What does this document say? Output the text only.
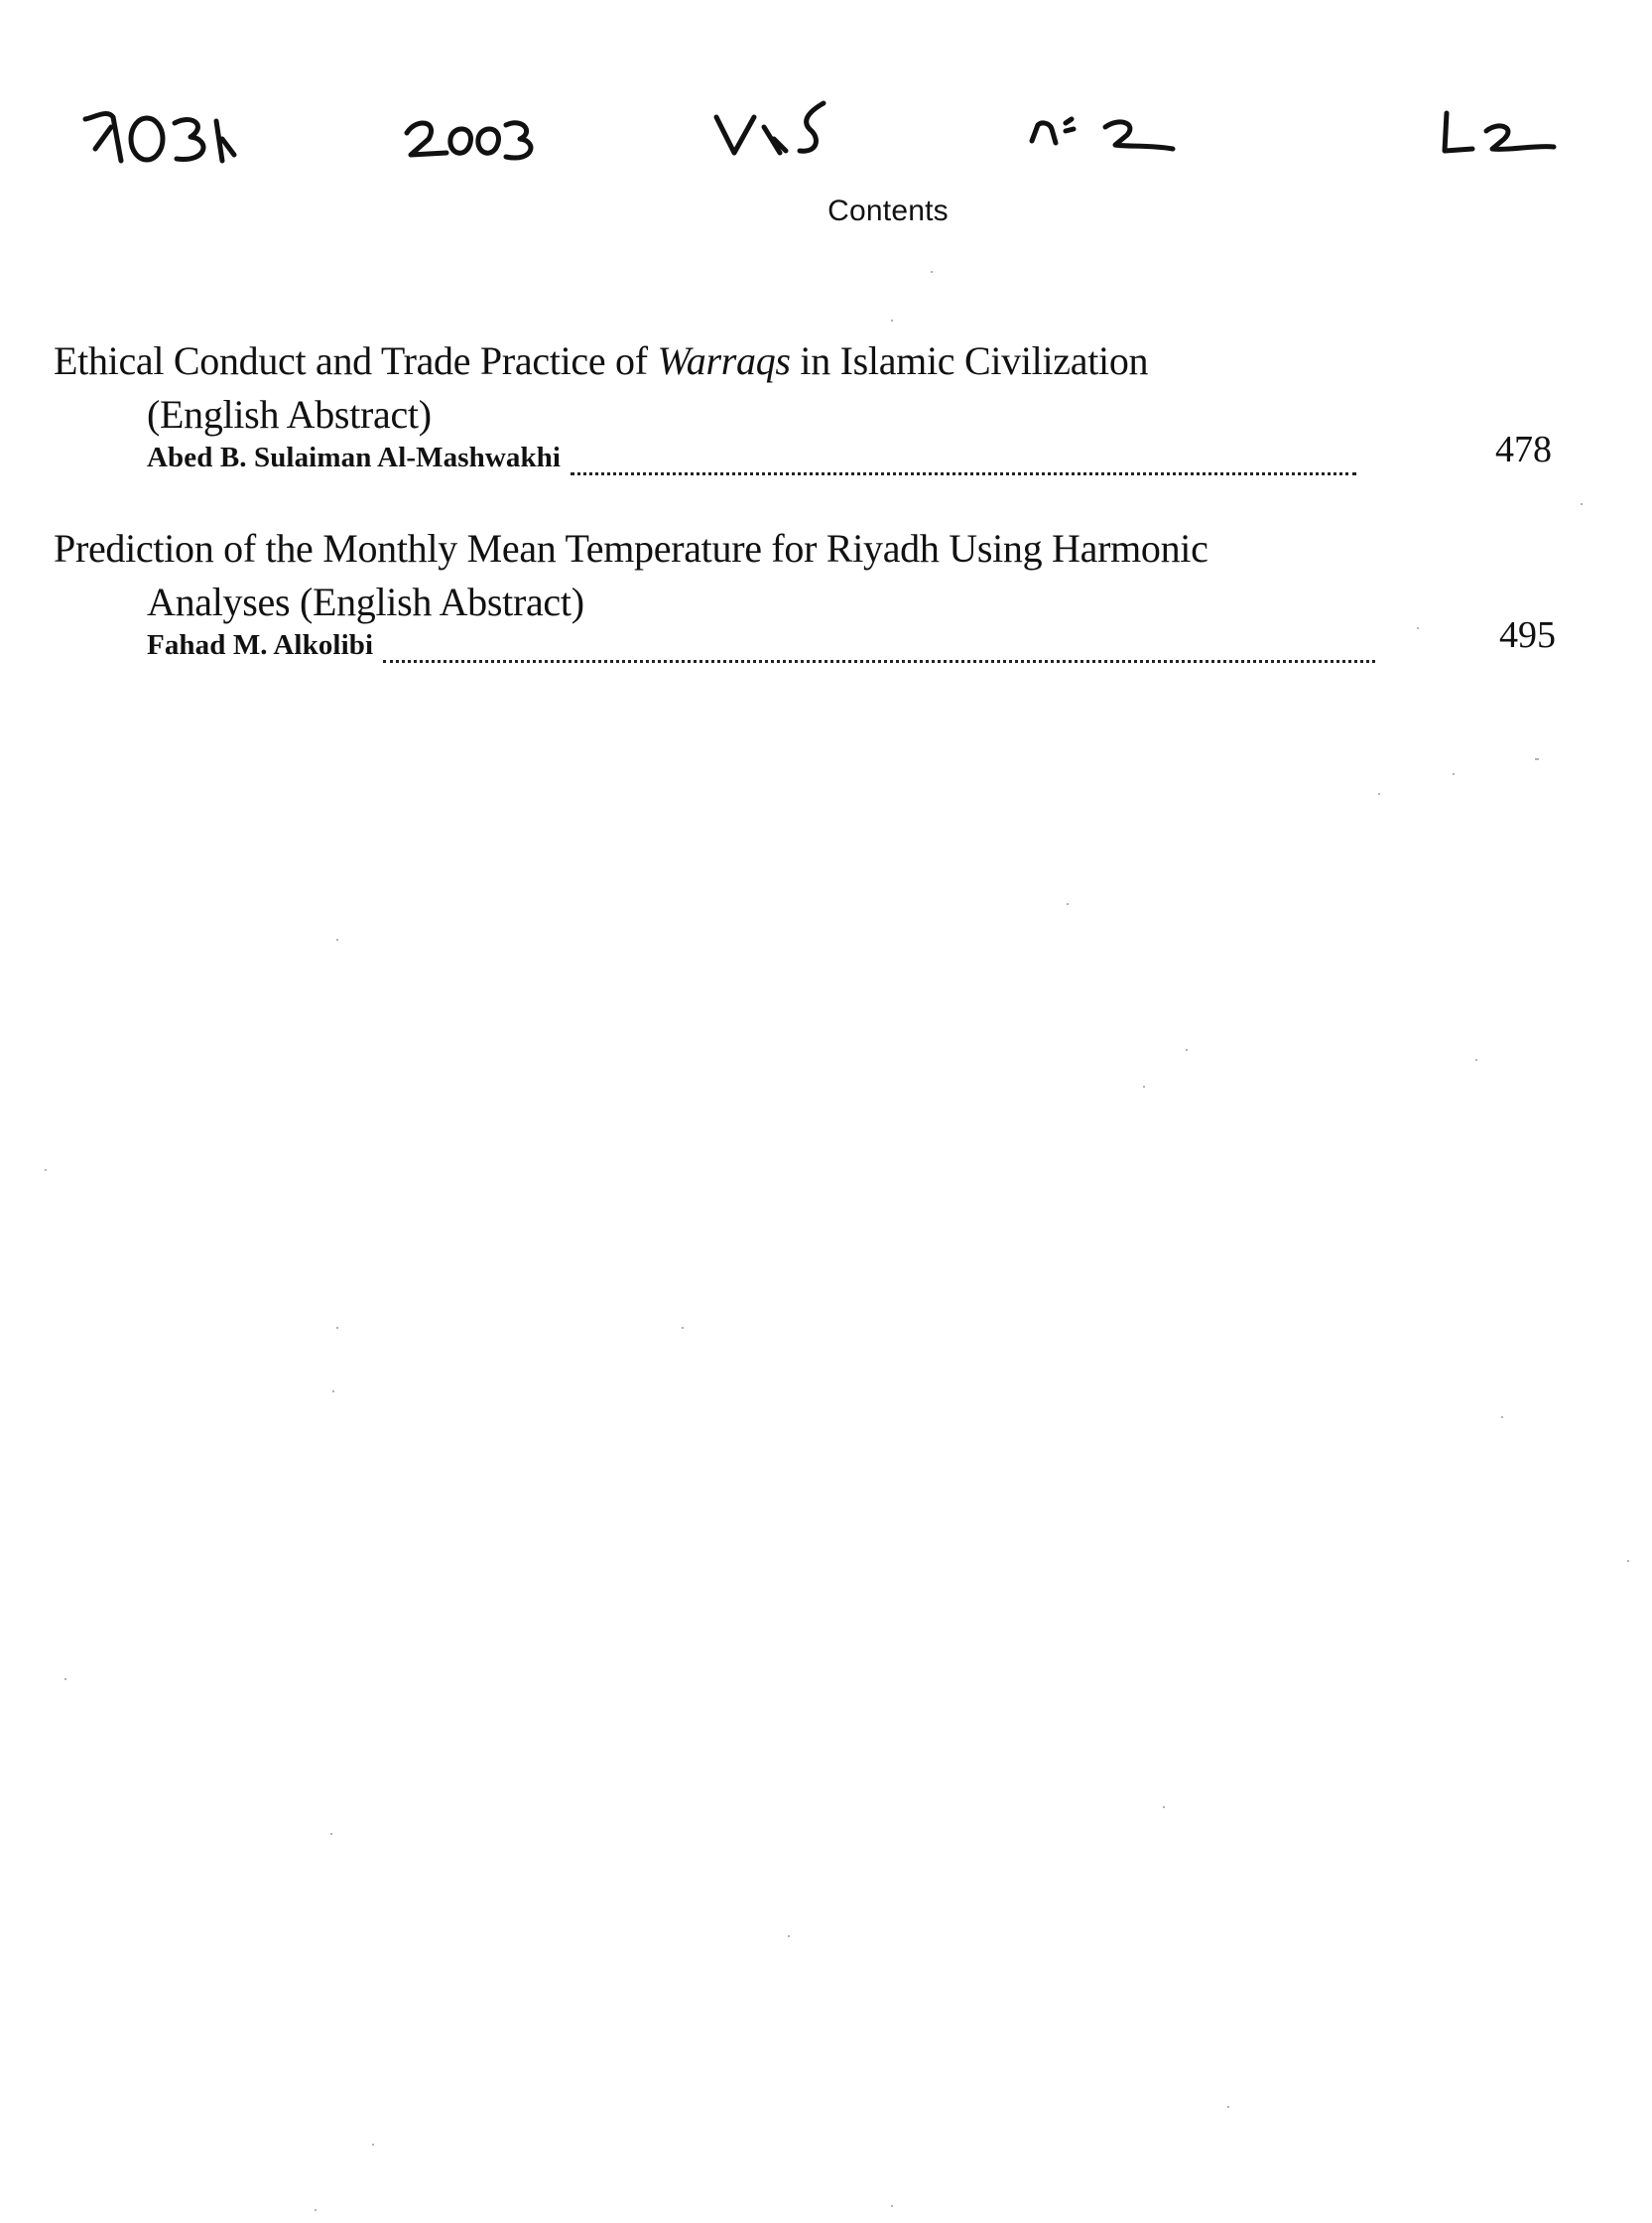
Contents
Ethical Conduct and Trade Practice of Warraqs in Islamic Civilization
(English Abstract)
Abed B. Sulaiman Al-Mashwakhi	478
Prediction of the Monthly Mean Temperature for Riyadh Using Harmonic
Analyses (English Abstract)
Fahad M. Alkolibi	495
